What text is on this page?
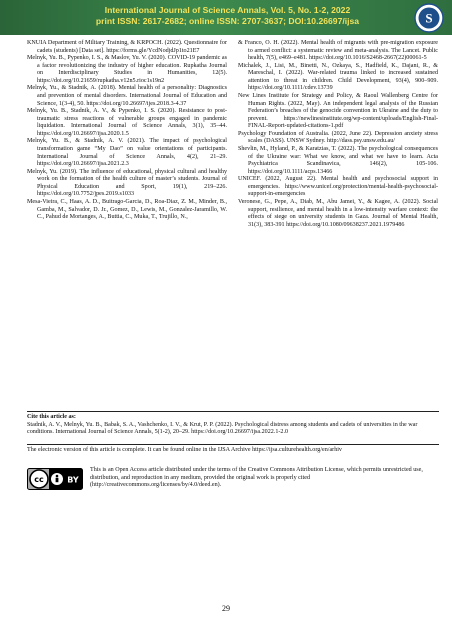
International Journal of Science Annals, Vol. 5, No. 1-2, 2022
print ISSN: 2617-2682; online ISSN: 2707-3637; DOI:10.26697/ijsa	S

KNUIA Department of Military Training, & KRPOCH. (2022). Questionnaire for cadets (students) [Data set]. https://forms.gle/YcdNodjdJp1to21E7

Melnyk, Yu. B., Pypenko, I. S., & Maslov, Yu. V. (2020). COVID-19 pandemic as a factor revolutionizing the industry of higher education. Rupkatha Journal on Interdisciplinary Studies in Humanities, 12(5). https://doi.org/10.21659/rupkatha.v12n5.rioc1s19n2

Melnyk, Yu., & Stadnik, A. (2018). Mental health of a personality: Diagnostics and prevention of mental disorders. International Journal of Education and Science, 1(3-4), 50. https://doi.org/10.26697/ijes.2018.3-4.37

Melnyk, Yu. B., Stadnik, A. V., & Pypenko, I. S. (2020). Resistance to post-traumatic stress reactions of vulnerable groups engaged in pandemic liquidation. International Journal of Science Annals, 3(1), 35–44. https://doi.org/10.26697/ijsa.2020.1.5

Melnyk, Yu. B., & Stadnik, A. V. (2021). The impact of psychological transformation game “My Dao” on value orientations of participants. International Journal of Science Annals, 4(2), 21–29. https://doi.org/10.26697/ijsa.2021.2.3

Melnyk, Yu. (2019). The influence of educational, physical cultural and healthy work on the formation of the health culture of master’s students. Journal of Physical Education and Sport, 19(1), 219–226. https://doi.org/10.7752/jpes.2019.s1033

Mesa-Vieira, C., Haas, A. D., Buitrago-Garcia, D., Roa-Diaz, Z. M., Minder, B., Gamba, M., Salvador, D. Jr., Gomez, D., Lewis, M., Gonzalez-Jaramillo, W. C., Pahud de Mortanges, A., Buttia, C., Muka, T., Trujillo, N.,

& Franco, O. H. (2022). Mental health of migrants with pre-migration exposure to armed conflict: a systematic review and meta-analysis. The Lancet. Public health, 7(5), e469–e481. https://doi.org/10.1016/S2468-2667(22)00061-5

Michalek, J., Lisi, M., Binetti, N., Ozkaya, S., Hadfield, K., Dajani, R., & Mareschal, I. (2022). War-related trauma linked to increased sustained attention to threat in children. Child Development, 93(4), 900–909. https://doi.org/10.1111/cdev.13739

New Lines Institute for Strategy and Policy, & Raoul Wallenberg Centre for Human Rights. (2022, May). An independent legal analysis of the Russian Federation’s breaches of the genocide convention in Ukraine and the duty to prevent. https://newlinesinstitute.org/wp-content/uploads/English-Final-FINAL-Report-updated-citations-1.pdf

Psychology Foundation of Australia. (2022, June 22). Depression anxiety stress scales (DASS). UNSW Sydney. http://dass.psy.unsw.edu.au/

Shevlin, M., Hyland, P., & Karatzias, T. (2022). The psychological consequences of the Ukraine war: What we know, and what we have to learn. Acta Psychiatrica Scandinavica, 146(2), 105-106. https://doi.org/10.1111/acps.13466

UNICEF. (2022, August 22). Mental health and psychosocial support in emergencies. https://www.unicef.org/protection/mental-health-psychosocial-support-in-emergencies

Veronese, G., Pepe, A., Diab, M., Abu Jamei, Y., & Kagee, A. (2022). Social support, resilience, and mental health in a low-intensity warfare context: the effects of siege on university students in Gaza. Journal of Mental Health, 31(3), 383-391 https://doi.org/10.1080/09638237.2021.1979486

Cite this article as:
Stadnik, A. V., Melnyk, Yu. B., Babak, S. A., Vashchenko, I. V., & Krut, P. P. (2022). Psychological distress among students and cadets of universities in the war conditions. International Journal of Science Annals, 5(1-2), 20–29. https://doi.org/10.26697/ijsa.2022.1-2.0
The electronic version of this article is complete. It can be found online in the IJSA Archive https://ijsa.culturehealth.org/en/arhiv
cc	BY
This is an Open Access article distributed under the terms of the Creative Commons Attribution License, which permits unrestricted use, distribution, and reproduction in any medium, provided the original work is properly cited (http://creativecommons.org/licenses/by/4.0/deed.en).
29
